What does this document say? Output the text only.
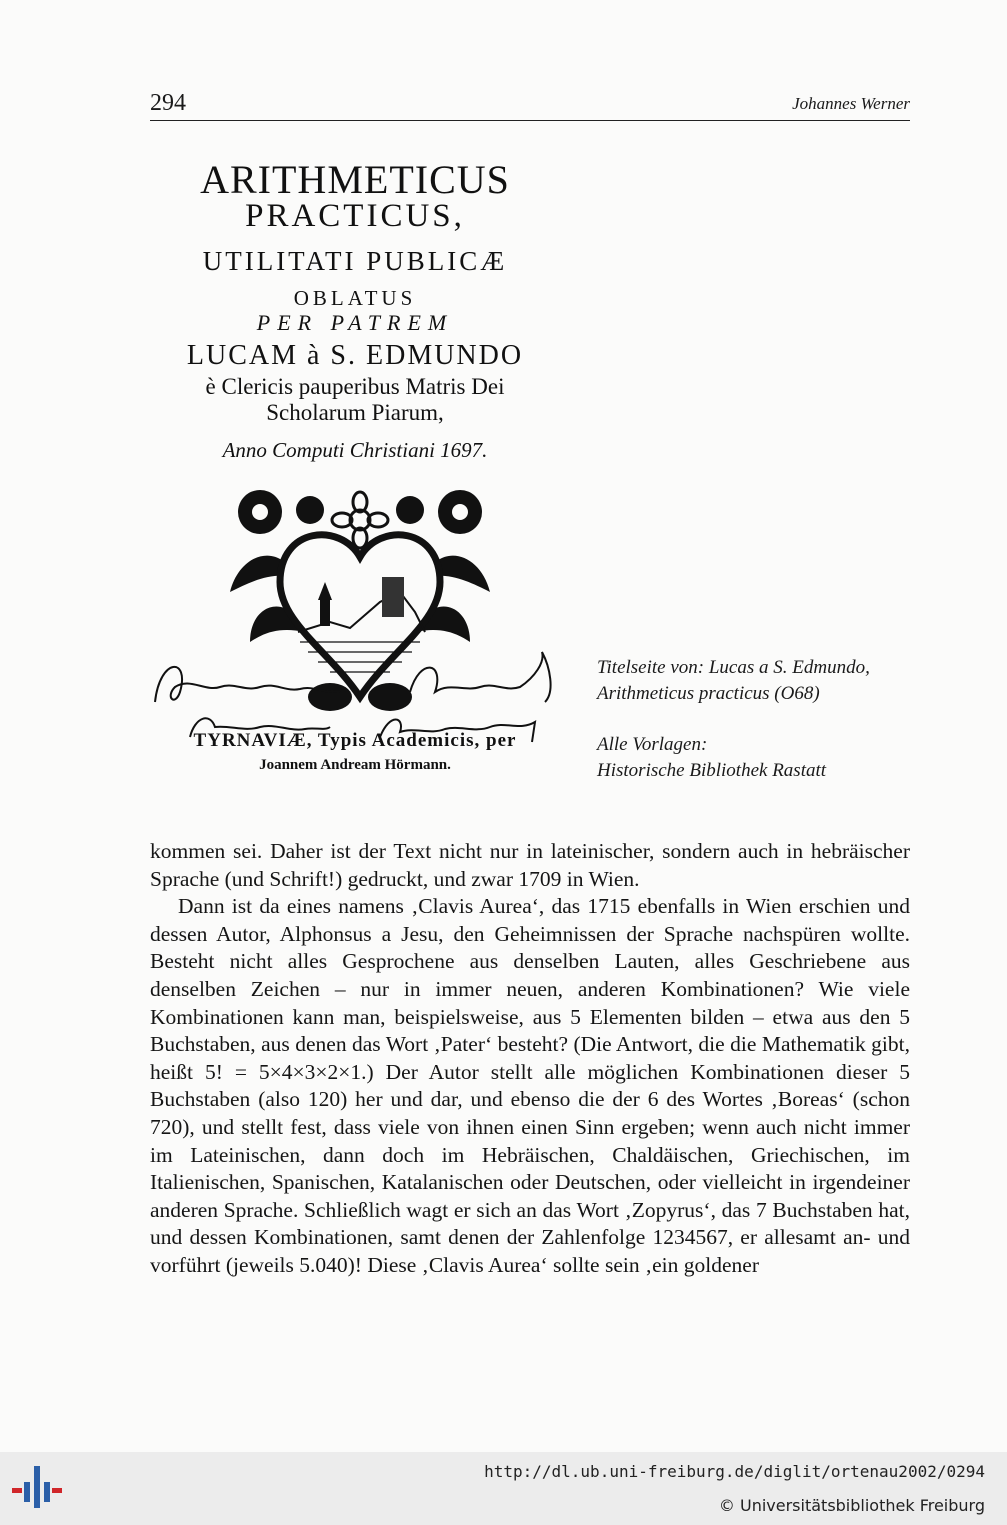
294	Johannes Werner
ARITHMETICUS
PRACTICUS,
UTILITATI PUBLICÆ
OBLATUS
PER PATREM
LUCAM à S. EDMUNDO
è Clericis pauperibus Matris Dei
Scholarum Piarum,
Anno Computi Christiani 1697.
TYRNAVIÆ, Typis Academicis, per
Joannem Andream Hörmann.
Titelseite von: Lucas a S. Edmundo,
Arithmeticus practicus (O68)
Alle Vorlagen:
Historische Bibliothek Rastatt

kommen sei. Daher ist der Text nicht nur in lateinischer, sondern auch in hebräischer Sprache (und Schrift!) gedruckt, und zwar 1709 in Wien.

Dann ist da eines namens ‚Clavis Aurea‘, das 1715 ebenfalls in Wien erschien und dessen Autor, Alphonsus a Jesu, den Geheimnissen der Sprache nachspüren wollte. Besteht nicht alles Gesprochene aus denselben Lauten, alles Geschriebene aus denselben Zeichen – nur in immer neuen, anderen Kombinationen? Wie viele Kombinationen kann man, beispielsweise, aus 5 Elementen bilden – etwa aus den 5 Buchstaben, aus denen das Wort ‚Pater‘ besteht? (Die Antwort, die die Mathematik gibt, heißt 5! = 5×4×3×2×1.) Der Autor stellt alle möglichen Kombinationen dieser 5 Buchstaben (also 120) her und dar, und ebenso die der 6 des Wortes ‚Boreas‘ (schon 720), und stellt fest, dass viele von ihnen einen Sinn ergeben; wenn auch nicht immer im Lateinischen, dann doch im Hebräischen, Chaldäischen, Griechischen, im Italienischen, Spanischen, Katalanischen oder Deutschen, oder vielleicht in irgendeiner anderen Sprache. Schließlich wagt er sich an das Wort ‚Zopyrus‘, das 7 Buchstaben hat, und dessen Kombinationen, samt denen der Zahlenfolge 1234567, er allesamt an- und vorführt (jeweils 5.040)! Diese ‚Clavis Aurea‘ sollte sein ‚ein goldener

http://dl.ub.uni-freiburg.de/diglit/ortenau2002/0294
© Universitätsbibliothek Freiburg
